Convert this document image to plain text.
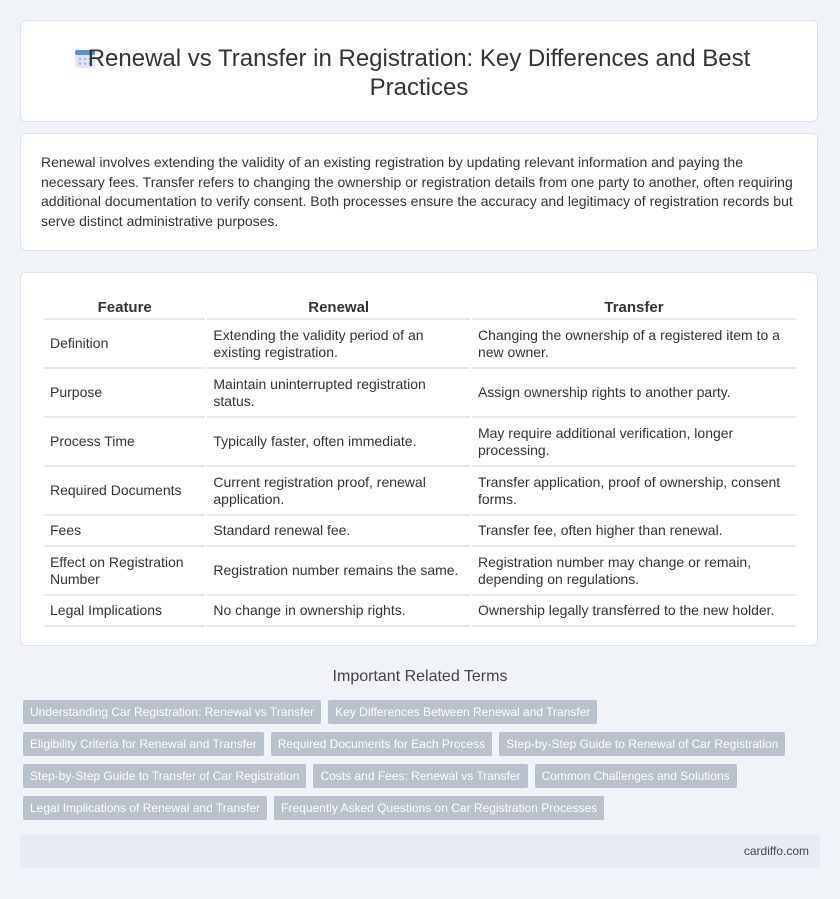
Renewal vs Transfer in Registration: Key Differences and Best Practices

Renewal involves extending the validity of an existing registration by updating relevant information and paying the necessary fees. Transfer refers to changing the ownership or registration details from one party to another, often requiring additional documentation to verify consent. Both processes ensure the accuracy and legitimacy of registration records but serve distinct administrative purposes.

Feature	Renewal	Transfer
Definition	Extending the validity period of an existing registration.	Changing the ownership of a registered item to a new owner.
Purpose	Maintain uninterrupted registration status.	Assign ownership rights to another party.
Process Time	Typically faster, often immediate.	May require additional verification, longer processing.
Required Documents	Current registration proof, renewal application.	Transfer application, proof of ownership, consent forms.
Fees	Standard renewal fee.	Transfer fee, often higher than renewal.
Effect on Registration Number	Registration number remains the same.	Registration number may change or remain, depending on regulations.
Legal Implications	No change in ownership rights.	Ownership legally transferred to the new holder.
Important Related Terms
Understanding Car Registration: Renewal vs Transfer	Key Differences Between Renewal and Transfer
Eligibility Criteria for Renewal and Transfer	Required Documents for Each Process	Step-by-Step Guide to Renewal of Car Registration
Step-by-Step Guide to Transfer of Car Registration	Costs and Fees: Renewal vs Transfer	Common Challenges and Solutions
Legal Implications of Renewal and Transfer	Frequently Asked Questions on Car Registration Processes
cardiffo.com
